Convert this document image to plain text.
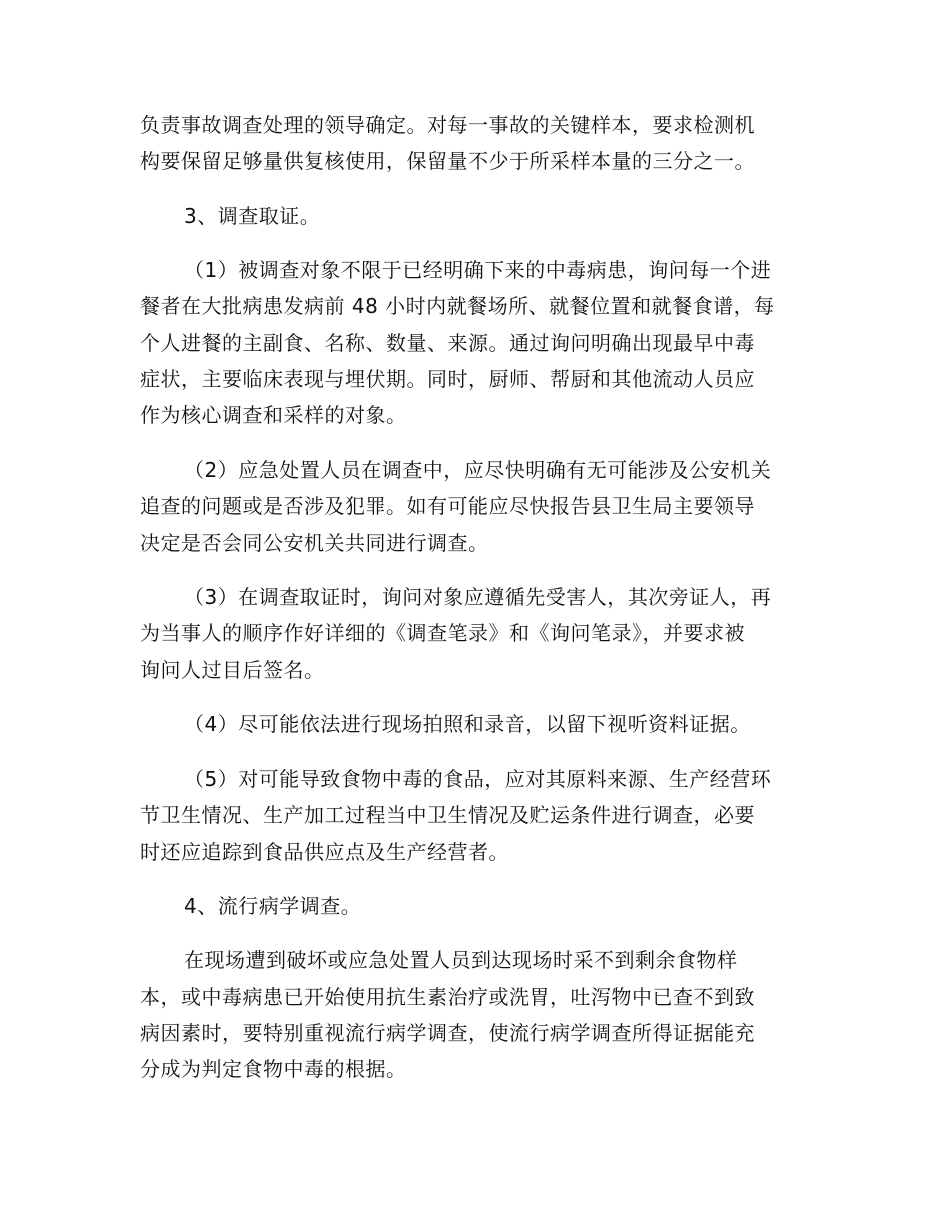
负责事故调查处理的领导确定。对每一事故的关键样本，要求检测机
构要保留足够量供复核使用，保留量不少于所采样本量的三分之一。
3、调查取证。
（1）被调查对象不限于已经明确下来的中毒病患，询问每一个进
餐者在大批病患发病前 48 小时内就餐场所、就餐位置和就餐食谱，每
个人进餐的主副食、名称、数量、来源。通过询问明确出现最早中毒
症状，主要临床表现与埋伏期。同时，厨师、帮厨和其他流动人员应
作为核心调查和采样的对象。
（2）应急处置人员在调查中，应尽快明确有无可能涉及公安机关
追查的问题或是否涉及犯罪。如有可能应尽快报告县卫生局主要领导
决定是否会同公安机关共同进行调查。
（3）在调查取证时，询问对象应遵循先受害人，其次旁证人，再
为当事人的顺序作好详细的《调查笔录》和《询问笔录》，并要求被
询问人过目后签名。
（4）尽可能依法进行现场拍照和录音，以留下视听资料证据。
（5）对可能导致食物中毒的食品，应对其原料来源、生产经营环
节卫生情况、生产加工过程当中卫生情况及贮运条件进行调查，必要
时还应追踪到食品供应点及生产经营者。
4、流行病学调查。
在现场遭到破坏或应急处置人员到达现场时采不到剩余食物样
本，或中毒病患已开始使用抗生素治疗或洗胃，吐泻物中已查不到致
病因素时，要特别重视流行病学调查，使流行病学调查所得证据能充
分成为判定食物中毒的根据。
